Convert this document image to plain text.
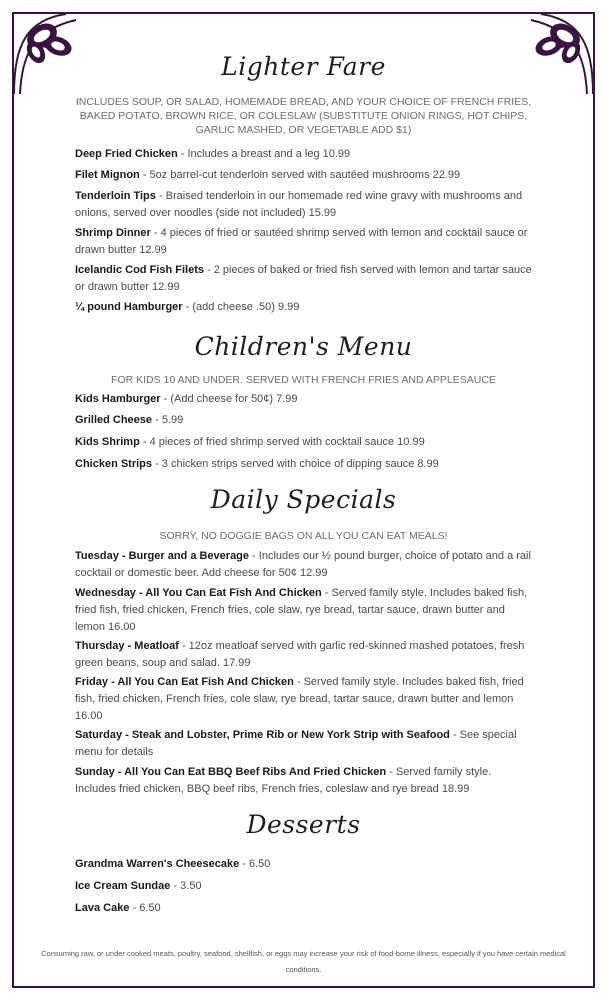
Lighter Fare
INCLUDES SOUP, OR SALAD, HOMEMADE BREAD, AND YOUR CHOICE OF FRENCH FRIES, BAKED POTATO, BROWN RICE, OR COLESLAW (SUBSTITUTE ONION RINGS, HOT CHIPS, GARLIC MASHED, OR VEGETABLE ADD $1)
Deep Fried Chicken - Includes a breast and a leg 10.99
Filet Mignon - 5oz barrel-cut tenderloin served with sautéed mushrooms 22.99
Tenderloin Tips - Braised tenderloin in our homemade red wine gravy with mushrooms and onions, served over noodles (side not included) 15.99
Shrimp Dinner - 4 pieces of fried or sautéed shrimp served with lemon and cocktail sauce or drawn butter 12.99
Icelandic Cod Fish Filets - 2 pieces of baked or fried fish served with lemon and tartar sauce or drawn butter 12.99
¼ pound Hamburger - (add cheese .50) 9.99
Children's Menu
FOR KIDS 10 AND UNDER. SERVED WITH FRENCH FRIES AND APPLESAUCE
Kids Hamburger - (Add cheese for 50¢) 7.99
Grilled Cheese - 5.99
Kids Shrimp - 4 pieces of fried shrimp served with cocktail sauce 10.99
Chicken Strips - 3 chicken strips served with choice of dipping sauce 8.99
Daily Specials
SORRY, NO DOGGIE BAGS ON ALL YOU CAN EAT MEALS!
Tuesday - Burger and a Beverage - Includes our ½ pound burger, choice of potato and a rail cocktail or domestic beer. Add cheese for 50¢ 12.99
Wednesday - All You Can Eat Fish And Chicken - Served family style. Includes baked fish, fried fish, fried chicken, French fries, cole slaw, rye bread, tartar sauce, drawn butter and lemon 16.00
Thursday - Meatloaf - 12oz meatloaf served with garlic red-skinned mashed potatoes, fresh green beans, soup and salad. 17.99
Friday - All You Can Eat Fish And Chicken - Served family style. Includes baked fish, fried fish, fried chicken, French fries, cole slaw, rye bread, tartar sauce, drawn butter and lemon 16.00
Saturday - Steak and Lobster, Prime Rib or New York Strip with Seafood - See special menu for details
Sunday - All You Can Eat BBQ Beef Ribs And Fried Chicken - Served family style. Includes fried chicken, BBQ beef ribs, French fries, coleslaw and rye bread 18.99
Desserts
Grandma Warren's Cheesecake - 6.50
Ice Cream Sundae - 3.50
Lava Cake - 6.50
Consuming raw, or under cooked meats, poultry, seafood, shellfish, or eggs may increase your risk of food-borne illness, especially if you have certain medical conditions.
